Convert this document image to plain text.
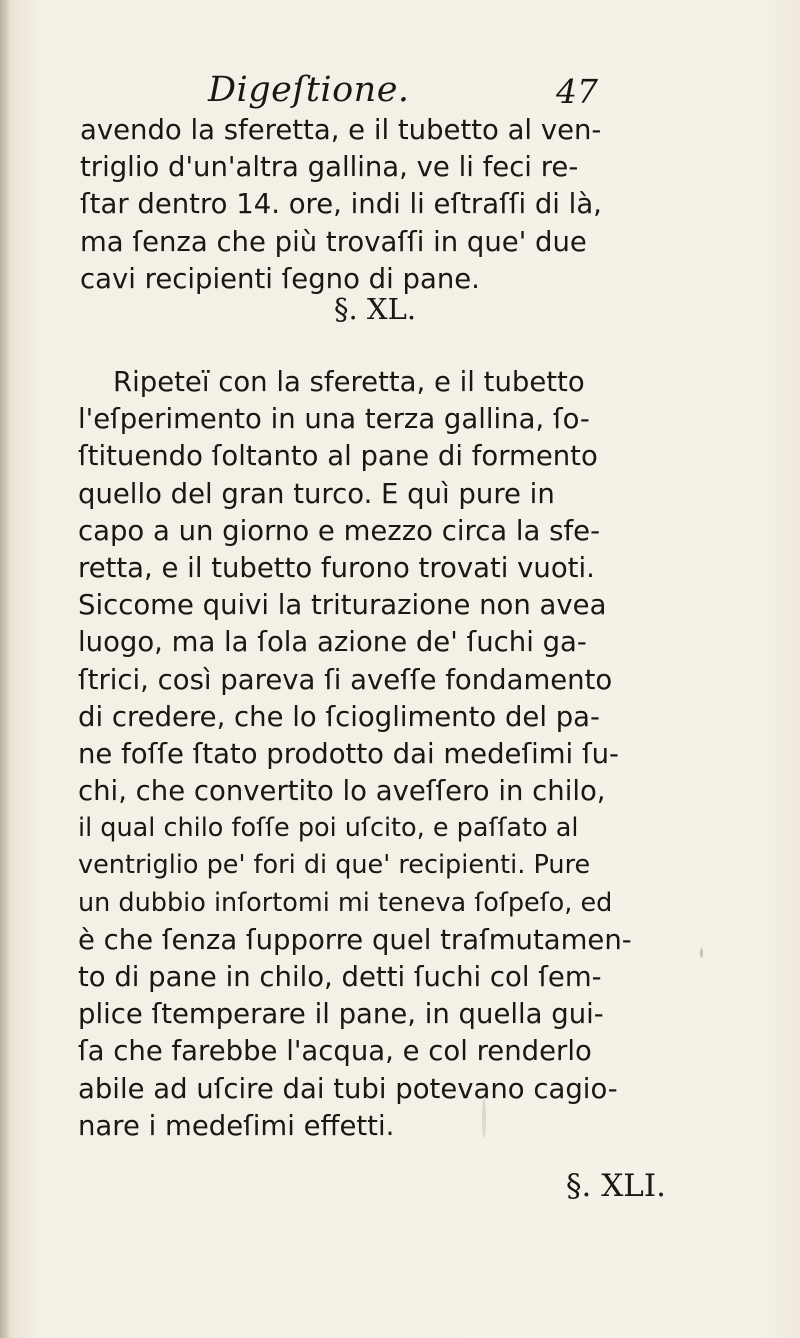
Digeſtione.	47
avendo la sferetta, e il tubetto al ven-
triglio d'un'altra gallina, ve li feci re-
ſtar dentro 14. ore, indi li eſtraſſi di là,
ma ſenza che più trovaſſi in que' due
cavi recipienti ſegno di pane.
§. XL.
Ripeteï con la sferetta, e il tubetto
l'eſperimento in una terza gallina, ſo-
ſtituendo ſoltanto al pane di formento
quello del gran turco. E quì pure in
capo a un giorno e mezzo circa la sfe-
retta, e il tubetto furono trovati vuoti.
Siccome quivi la triturazione non avea
luogo, ma la ſola azione de' ſuchi ga-
ſtrici, così pareva ſi aveſſe fondamento
di credere, che lo ſcioglimento del pa-
ne foſſe ſtato prodotto dai medeſimi ſu-
chi, che convertito lo aveſſero in chilo,
il qual chilo foſſe poi uſcito, e paſſato al
ventriglio pe' fori di que' recipienti. Pure
un dubbio inſortomi mi teneva ſoſpeſo, ed
è che ſenza ſupporre quel traſmutamen-
to di pane in chilo, detti ſuchi col ſem-
plice ſtemperare il pane, in quella gui-
ſa che farebbe l'acqua, e col renderlo
abile ad uſcire dai tubi potevano cagio-
nare i medeſimi effetti.
§. XLI.
